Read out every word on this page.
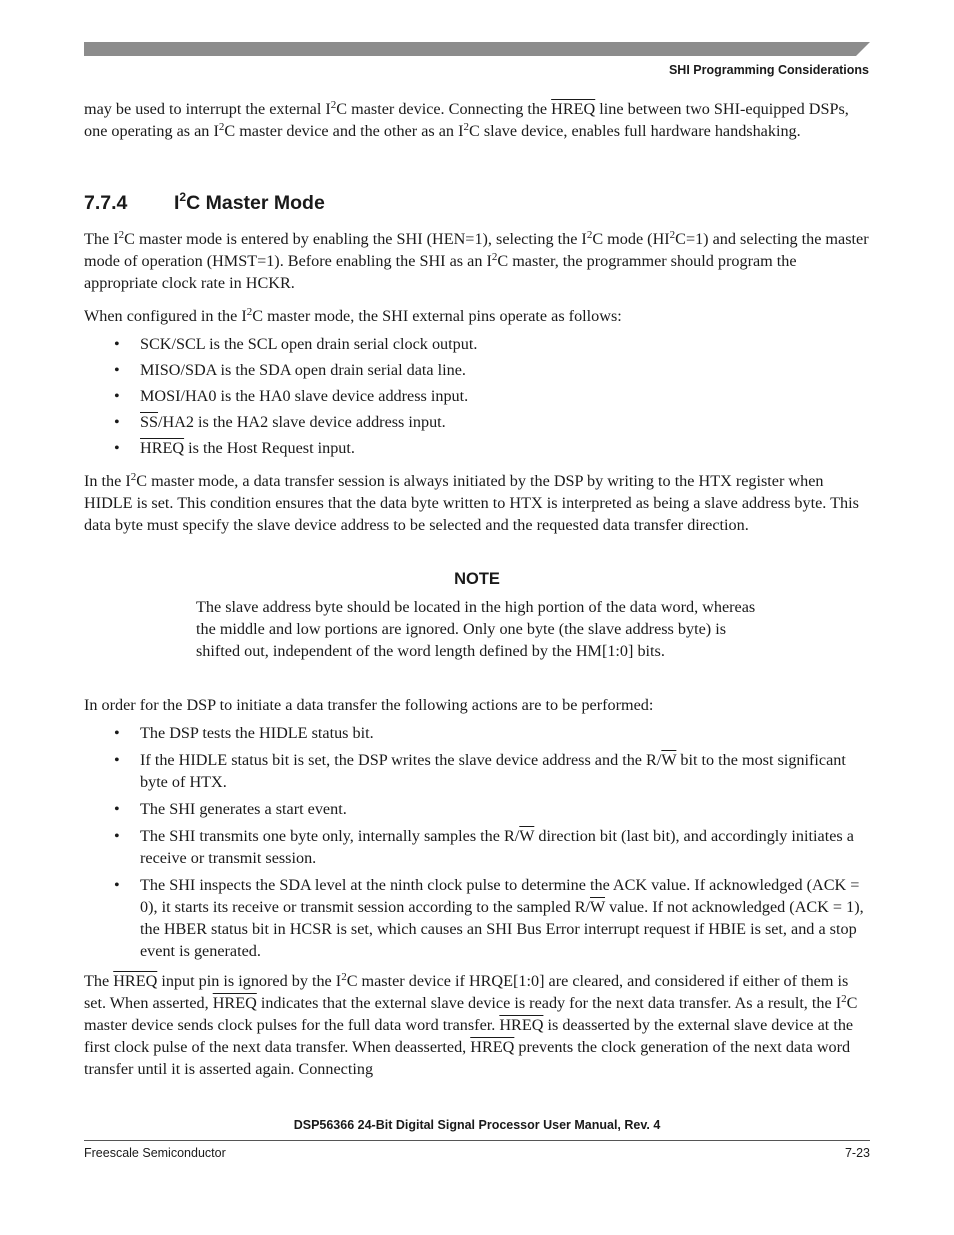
SHI Programming Considerations

may be used to interrupt the external $I^2C$ master device. Connecting the HREQ line between two SHI-equipped DSPs, one operating as an $I^2C$ master device and the other as an $I^2C$ slave device, enables full hardware handshaking.

7.7.4 $I^2C$ Master Mode

The $I^2C$ master mode is entered by enabling the SHI (HEN=1), selecting the $I^2C$ mode $(HI^2C=1)$ and selecting the master mode of operation (HMST=1). Before enabling the SHI as an $I^2C$ master, the programmer should program the appropriate clock rate in HCKR.

When configured in the $I^2C$ master mode, the SHI external pins operate as follows:

• SCK/SCL is the SCL open drain serial clock output.
• MISO/SDA is the SDA open drain serial data line.
• MOSI/HA0 is the HA0 slave device address input.
• $\overline{SS}/HA2$ is the HA2 slave device address input.
• HREQ is the Host Request input.

In the $I^2C$ master mode, a data transfer session is always initiated by the DSP by writing to the HTX register when HIDLE is set. This condition ensures that the data byte written to HTX is interpreted as being a slave address byte. This data byte must specify the slave device address to be selected and the requested data transfer direction.

NOTE
The slave address byte should be located in the high portion of the data word, whereas the middle and low portions are ignored. Only one byte (the slave address byte) is shifted out, independent of the word length defined by the HM[1:0] bits.
In order for the DSP to initiate a data transfer the following actions are to be performed:
• The DSP tests the HIDLE status bit.
• If the HIDLE status bit is set, the DSP writes the slave device address and the $R/\overline{W}$ bit to the most significant byte of HTX.
• The SHI generates a start event.
• The SHI transmits one byte only, internally samples the $R/\overline{W}$ direction bit (last bit), and accordingly initiates a receive or transmit session.
• The SHI inspects the SDA level at the ninth clock pulse to determine the ACK value. If acknowledged (ACK = 0), it starts its receive or transmit session according to the sampled $R/\overline{W}$ value. If not acknowledged (ACK = 1), the HBER status bit in HCSR is set, which causes an SHI Bus Error interrupt request if HBIE is set, and a stop event is generated.

The HREQ input pin is ignored by the $I^2C$ master device if HRQE[1:0] are cleared, and considered if either of them is set. When asserted, HREQ indicates that the external slave device is ready for the next data transfer. As a result, the $I^2C$ master device sends clock pulses for the full data word transfer. HREQ is deasserted by the external slave device at the first clock pulse of the next data transfer. When deasserted, HREQ prevents the clock generation of the next data word transfer until it is asserted again. Connecting

DSP56366 24-Bit Digital Signal Processor User Manual, Rev. 4
Freescale Semiconductor	7-23
